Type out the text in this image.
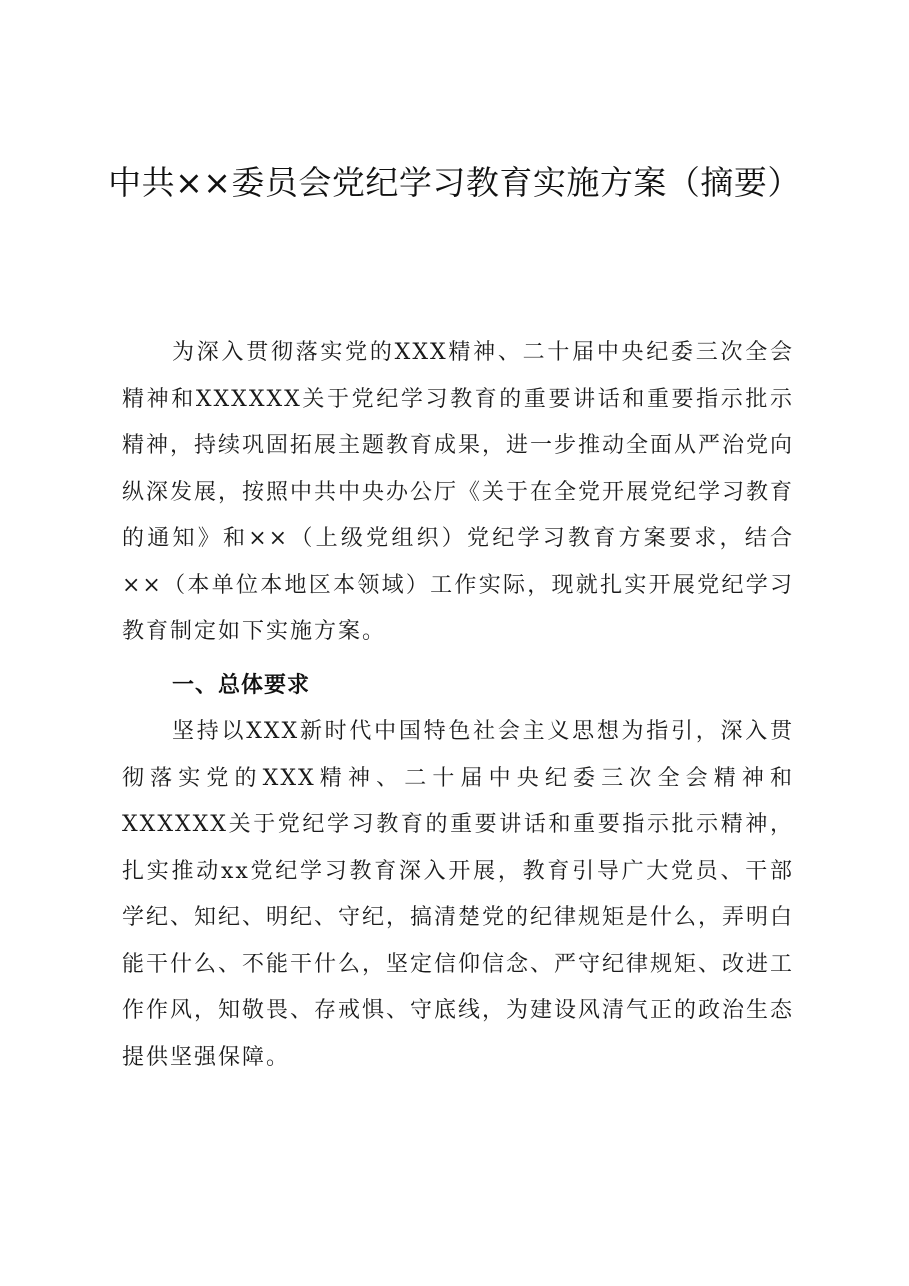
中共××委员会党纪学习教育实施方案（摘要）

为深入贯彻落实党的XXX精神、二十届中央纪委三次全会精神和XXXXXX关于党纪学习教育的重要讲话和重要指示批示精神，持续巩固拓展主题教育成果，进一步推动全面从严治党向纵深发展，按照中共中央办公厅《关于在全党开展党纪学习教育的通知》和××（上级党组织）党纪学习教育方案要求，结合××（本单位本地区本领域）工作实际，现就扎实开展党纪学习教育制定如下实施方案。

一、总体要求

坚持以XXX新时代中国特色社会主义思想为指引，深入贯彻落实党的XXX精神、二十届中央纪委三次全会精神和XXXXXX关于党纪学习教育的重要讲话和重要指示批示精神，扎实推动xx党纪学习教育深入开展，教育引导广大党员、干部学纪、知纪、明纪、守纪，搞清楚党的纪律规矩是什么，弄明白能干什么、不能干什么，坚定信仰信念、严守纪律规矩、改进工作作风，知敬畏、存戒惧、守底线，为建设风清气正的政治生态提供坚强保障。
